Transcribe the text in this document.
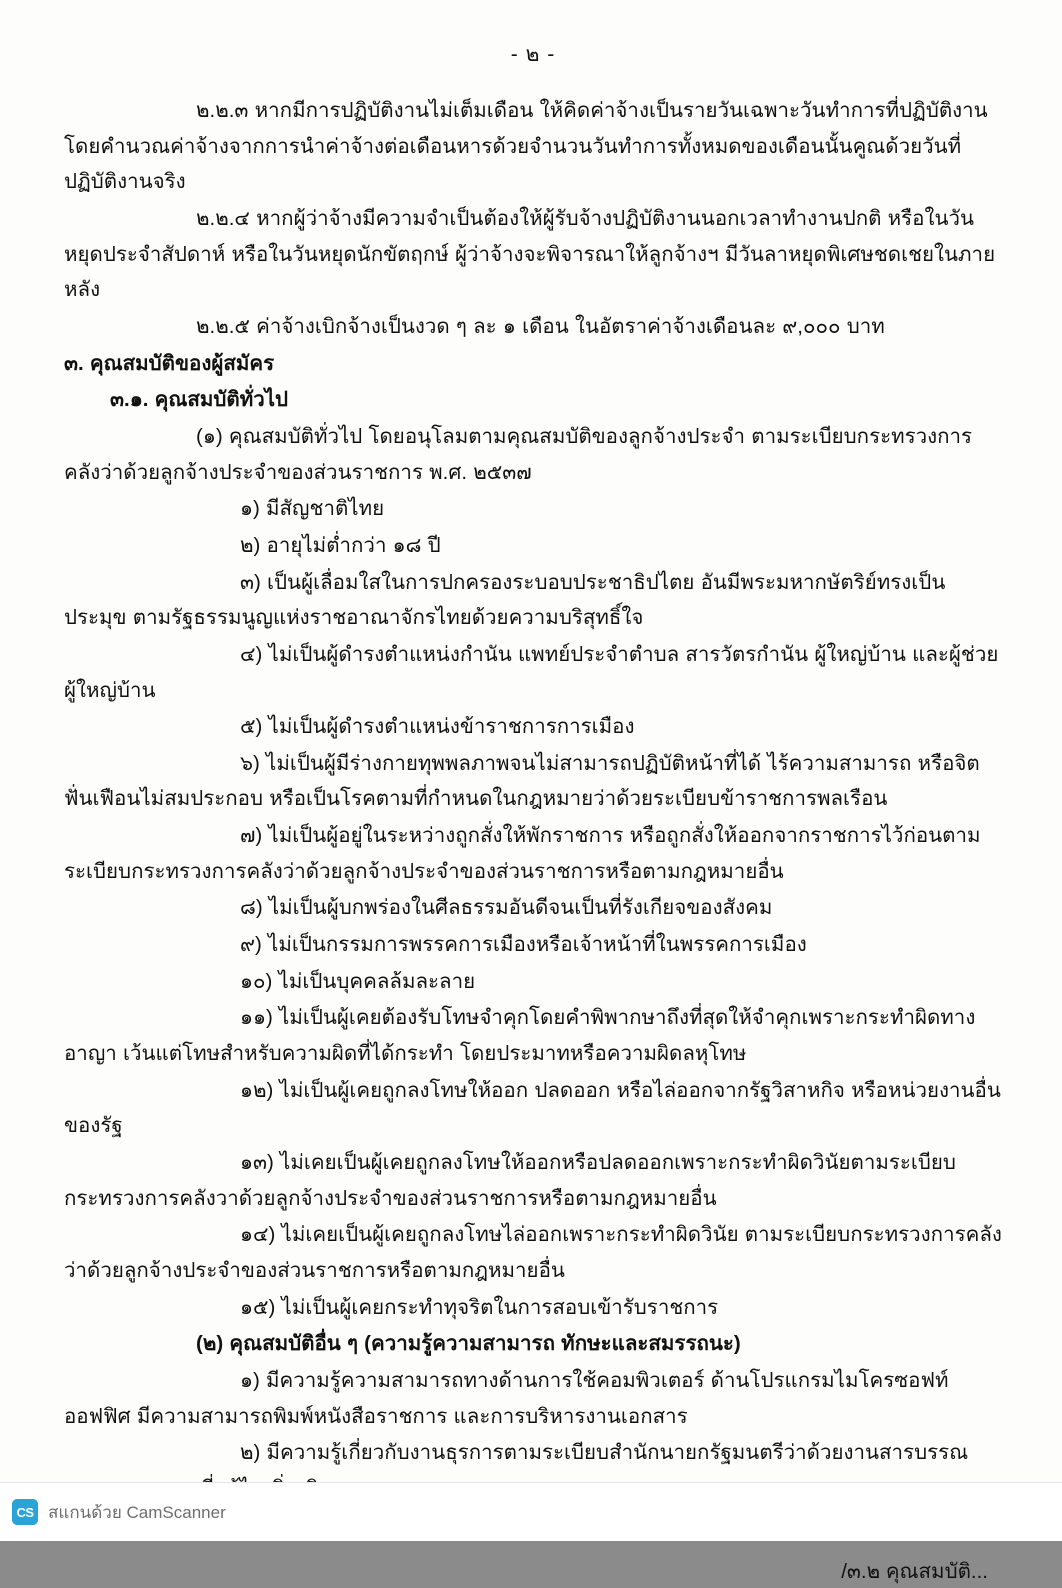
- ๒ -

๒.๒.๓ หากมีการปฏิบัติงานไม่เต็มเดือน ให้คิดค่าจ้างเป็นรายวันเฉพาะวันทำการที่ปฏิบัติงาน โดยคำนวณค่าจ้างจากการนำค่าจ้างต่อเดือนหารด้วยจำนวนวันทำการทั้งหมดของเดือนนั้นคูณด้วยวันที่ปฏิบัติงานจริง

๒.๒.๔ หากผู้ว่าจ้างมีความจำเป็นต้องให้ผู้รับจ้างปฏิบัติงานนอกเวลาทำงานปกติ หรือในวันหยุดประจำสัปดาห์ หรือในวันหยุดนักขัตฤกษ์ ผู้ว่าจ้างจะพิจารณาให้ลูกจ้างฯ มีวันลาหยุดพิเศษชดเชยในภายหลัง

๒.๒.๕ ค่าจ้างเบิกจ้างเป็นงวด ๆ ละ ๑ เดือน ในอัตราค่าจ้างเดือนละ ๙,๐๐๐ บาท

๓. คุณสมบัติของผู้สมัคร

๓.๑. คุณสมบัติทั่วไป

(๑) คุณสมบัติทั่วไป โดยอนุโลมตามคุณสมบัติของลูกจ้างประจำ ตามระเบียบกระทรวงการคลังว่าด้วยลูกจ้างประจำของส่วนราชการ พ.ศ. ๒๕๓๗

๑) มีสัญชาติไทย

๒) อายุไม่ต่ำกว่า ๑๘ ปี

๓) เป็นผู้เลื่อมใสในการปกครองระบอบประชาธิปไตย อันมีพระมหากษัตริย์ทรงเป็นประมุข ตามรัฐธรรมนูญแห่งราชอาณาจักรไทยด้วยความบริสุทธิ์ใจ

๔) ไม่เป็นผู้ดำรงตำแหน่งกำนัน แพทย์ประจำตำบล สารวัตรกำนัน ผู้ใหญ่บ้าน และผู้ช่วยผู้ใหญ่บ้าน

๕) ไม่เป็นผู้ดำรงตำแหน่งข้าราชการการเมือง

๖) ไม่เป็นผู้มีร่างกายทุพพลภาพจนไม่สามารถปฏิบัติหน้าที่ได้ ไร้ความสามารถ หรือจิตฟั่นเฟือนไม่สมประกอบ หรือเป็นโรคตามที่กำหนดในกฎหมายว่าด้วยระเบียบข้าราชการพลเรือน

๗) ไม่เป็นผู้อยู่ในระหว่างถูกสั่งให้พักราชการ หรือถูกสั่งให้ออกจากราชการไว้ก่อนตามระเบียบกระทรวงการคลังว่าด้วยลูกจ้างประจำของส่วนราชการหรือตามกฎหมายอื่น

๘) ไม่เป็นผู้บกพร่องในศีลธรรมอันดีจนเป็นที่รังเกียจของสังคม

๙) ไม่เป็นกรรมการพรรคการเมืองหรือเจ้าหน้าที่ในพรรคการเมือง

๑๐) ไม่เป็นบุคคลล้มละลาย

๑๑) ไม่เป็นผู้เคยต้องรับโทษจำคุกโดยคำพิพากษาถึงที่สุดให้จำคุกเพราะกระทำผิดทางอาญา เว้นแต่โทษสำหรับความผิดที่ได้กระทำ โดยประมาทหรือความผิดลหุโทษ

๑๒) ไม่เป็นผู้เคยถูกลงโทษให้ออก ปลดออก หรือไล่ออกจากรัฐวิสาหกิจ หรือหน่วยงานอื่นของรัฐ

๑๓) ไม่เคยเป็นผู้เคยถูกลงโทษให้ออกหรือปลดออกเพราะกระทำผิดวินัยตามระเบียบกระทรวงการคลังวาด้วยลูกจ้างประจำของส่วนราชการหรือตามกฎหมายอื่น

๑๔) ไม่เคยเป็นผู้เคยถูกลงโทษไล่ออกเพราะกระทำผิดวินัย ตามระเบียบกระทรวงการคลังว่าด้วยลูกจ้างประจำของส่วนราชการหรือตามกฎหมายอื่น

๑๕) ไม่เป็นผู้เคยกระทำทุจริตในการสอบเข้ารับราชการ

(๒) คุณสมบัติอื่น ๆ (ความรู้ความสามารถ ทักษะและสมรรถนะ)

๑) มีความรู้ความสามารถทางด้านการใช้คอมพิวเตอร์ ด้านโปรแกรมไมโครซอฟท์ ออฟฟิศ มีความสามารถพิมพ์หนังสือราชการ และการบริหารงานเอกสาร

๒) มีความรู้เกี่ยวกับงานธุรการตามระเบียบสำนักนายกรัฐมนตรีว่าด้วยงานสารบรรณ

/๓.๒ คุณสมบัติ...
CS สแกนด้วย CamScanner
